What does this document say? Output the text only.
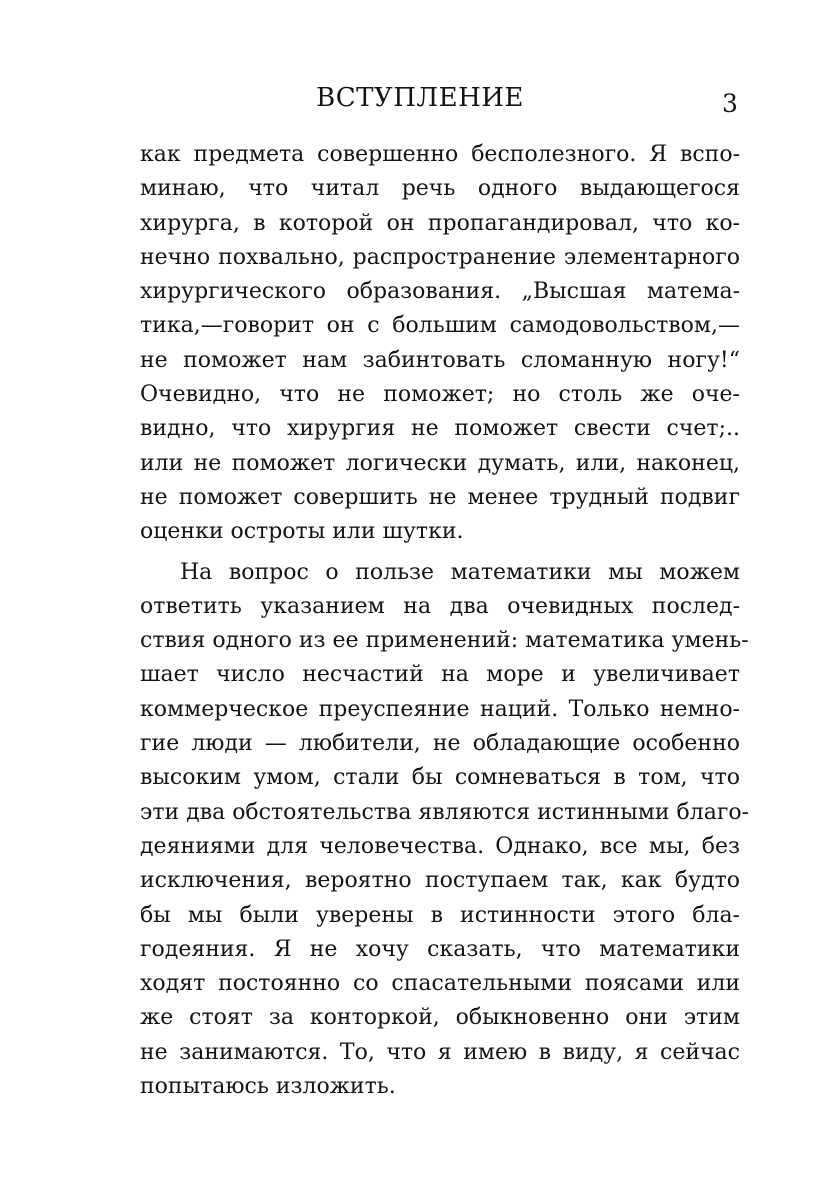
ВСТУПЛЕНИЕ	3
как предмета совершенно бесполезного. Я вспо-
минаю, что читал речь одного выдающегося
хирурга, в которой он пропагандировал, что ко-
нечно похвально, распространение элементарного
хирургического образования. „Высшая матема-
тика,—говорит он с большим самодовольством,—
не поможет нам забинтовать сломанную ногу!“
Очевидно, что не поможет; но столь же оче-
видно, что хирургия не поможет свести счет;..
или не поможет логически думать, или, наконец,
не поможет совершить не менее трудный подвиг
оценки остроты или шутки.
На вопрос о пользе математики мы можем
ответить указанием на два очевидных послед-
ствия одного из ее применений: математика умень-
шает число несчастий на море и увеличивает
коммерческое преуспеяние наций. Только немно-
гие люди — любители, не обладающие особенно
высоким умом, стали бы сомневаться в том, что
эти два обстоятельства являются истинными благо-
деяниями для человечества. Однако, все мы, без
исключения, вероятно поступаем так, как будто
бы мы были уверены в истинности этого бла-
годеяния. Я не хочу сказать, что математики
ходят постоянно со спасательными поясами или
же стоят за конторкой, обыкновенно они этим
не занимаются. То, что я имею в виду, я сейчас
попытаюсь изложить.
